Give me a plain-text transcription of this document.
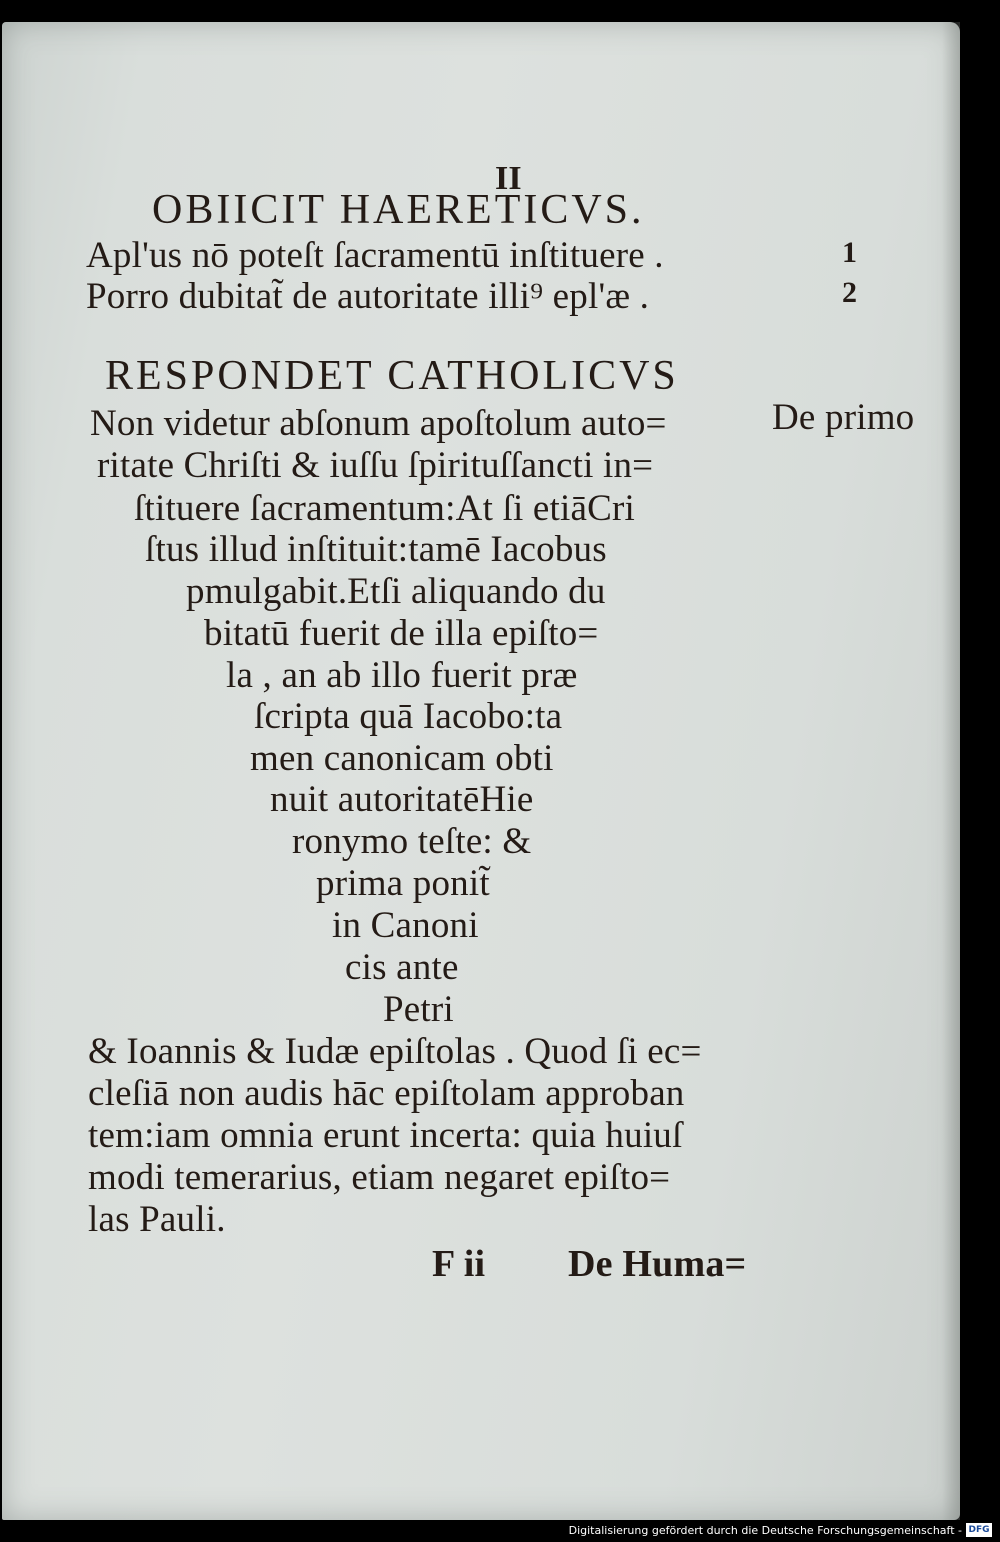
II
OBIICIT HAERETICVS.
Apl'us nō poteſt ſacramentū inſtituere .
Porro dubitat̃ de autoritate illi⁹ epl'æ .
1
2
RESPONDET CATHOLICVS
De primo
Non videtur abſonum apoſtolum auto=
ritate Chriſti & iuſſu ſpirituſſancti in=
ſtituere ſacramentum:At ſi etiāCri
ſtus illud inſtituit:tamē Iacobus
pmulgabit.Etſi aliquando du
bitatū fuerit de illa epiſto=
la , an ab illo fuerit præ
ſcripta quā Iacobo:ta
men canonicam obti
nuit autoritatēHie
ronymo teſte: &
prima ponit̃
in Canoni
cis ante
Petri
& Ioannis & Iudæ epiſtolas . Quod ſi ec=
cleſiā non audis hāc epiſtolam approban
tem:iam omnia erunt incerta: quia huiuſ
modi temerarius, etiam negaret epiſto=
las Pauli.
F ii De Huma=
Digitalisierung gefördert durch die Deutsche Forschungsgemeinschaft - DFG
